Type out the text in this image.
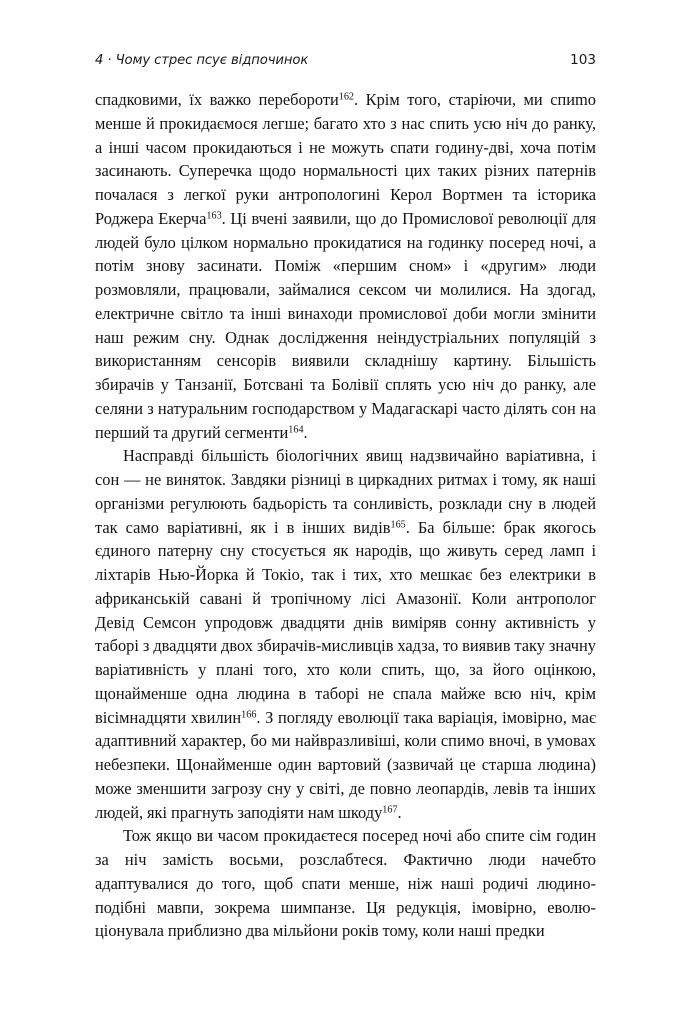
4 · Чому стрес псує відпочинок	103

спадковими, їх важко перебороти$^{162}$. Крім того, старіючи, ми спиmо менше й прокидаємося легше; багато хто з нас спить усю ніч до ранку, а інші часом прокидаються і не можуть спати годину-дві, хоча потім засинають. Суперечка щодо нормальності цих таких різних патернів почалася з легкої руки антропологині Керол Вортмен та історика Роджера Екерча$^{163}$. Ці вчені заявили, що до Промислової революції для людей було цілком нормально прокидатися на годинку посеред ночі, а потім знову засинати. Поміж «першим сном» і «другим» люди розмовляли, працювали, займалися сексом чи молилися. На здогад, електричне світло та інші винаходи промислової доби могли змінити наш режим сну. Однак дослідження неіндустріальних популяцій з використанням сенсорів виявили складнішу картину. Більшість збирачів у Танзанії, Ботсвані та Болівії сплять усю ніч до ранку, але селяни з натуральним господарством у Мадагаскарі часто ділять сон на перший та другий сегменти$^{164}$.

Насправді більшість біологічних явищ надзвичайно варіативна, і сон — не виняток. Завдяки різниці в циркадних ритмах і тому, як наші організми регулюють бадьорість та сонливість, розклади сну в людей так само варіативні, як і в інших видів$^{165}$. Ба більше: брак якогось єдиного патерну сну стосується як народів, що живуть серед ламп і ліхтарів Нью-Йорка й Токіо, так і тих, хто мешкає без електрики в африканській савані й тропічному лісі Амазонії. Коли антрополог Девід Семсон упродовж двадцяти днів виміряв сонну активність у таборі з двадцяти двох збирачів-мисливців хадза, то виявив таку значну варіативність у плані того, хто коли спить, що, за його оцінкою, щонайменше одна людина в таборі не спала майже всю ніч, крім вісімнадцяти хвилин$^{166}$. З погляду еволюції така варіація, імовірно, має адаптивний характер, бо ми найвразливіші, коли спимо вночі, в умовах небезпеки. Щонайменше один вартовий (зазвичай це старша людина) може зменшити загрозу сну у світі, де повно леопардів, левів та інших людей, які прагнуть заподіяти нам шкоду$^{167}$.

Тож якщо ви часом прокидаєтеся посеред ночі або спите сім годин за ніч замість восьми, розслабтеся. Фактично люди начебто адаптувалися до того, щоб спати менше, ніж наші родичі людиноподібні мавпи, зокрема шимпанзе. Ця редукція, імовірно, еволюціонувала приблизно два мільйони років тому, коли наші предки
